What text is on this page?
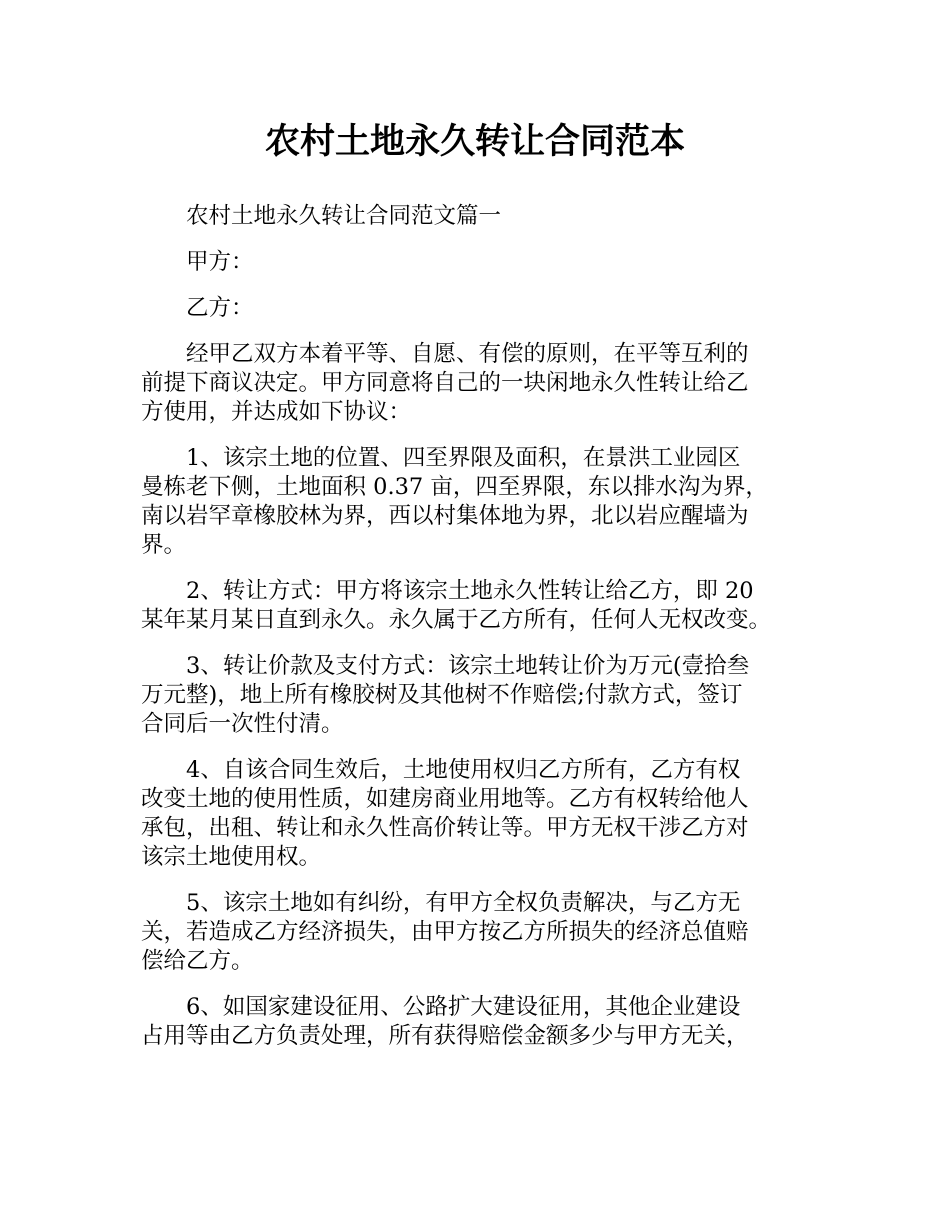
农村土地永久转让合同范本
农村土地永久转让合同范文篇一
甲方：
乙方：
经甲乙双方本着平等、自愿、有偿的原则，在平等互利的
前提下商议决定。甲方同意将自己的一块闲地永久性转让给乙
方使用，并达成如下协议：
1、该宗土地的位置、四至界限及面积，在景洪工业园区
曼栋老下侧，土地面积 0.37 亩，四至界限，东以排水沟为界，
南以岩罕章橡胶林为界，西以村集体地为界，北以岩应醒墙为
界。
2、转让方式：甲方将该宗土地永久性转让给乙方，即 20
某年某月某日直到永久。永久属于乙方所有，任何人无权改变。
3、转让价款及支付方式：该宗土地转让价为万元(壹拾叁
万元整)，地上所有橡胶树及其他树不作赔偿;付款方式，签订
合同后一次性付清。
4、自该合同生效后，土地使用权归乙方所有，乙方有权
改变土地的使用性质，如建房商业用地等。乙方有权转给他人
承包，出租、转让和永久性高价转让等。甲方无权干涉乙方对
该宗土地使用权。
5、该宗土地如有纠纷，有甲方全权负责解决，与乙方无
关，若造成乙方经济损失，由甲方按乙方所损失的经济总值赔
偿给乙方。
6、如国家建设征用、公路扩大建设征用，其他企业建设
占用等由乙方负责处理，所有获得赔偿金额多少与甲方无关，
